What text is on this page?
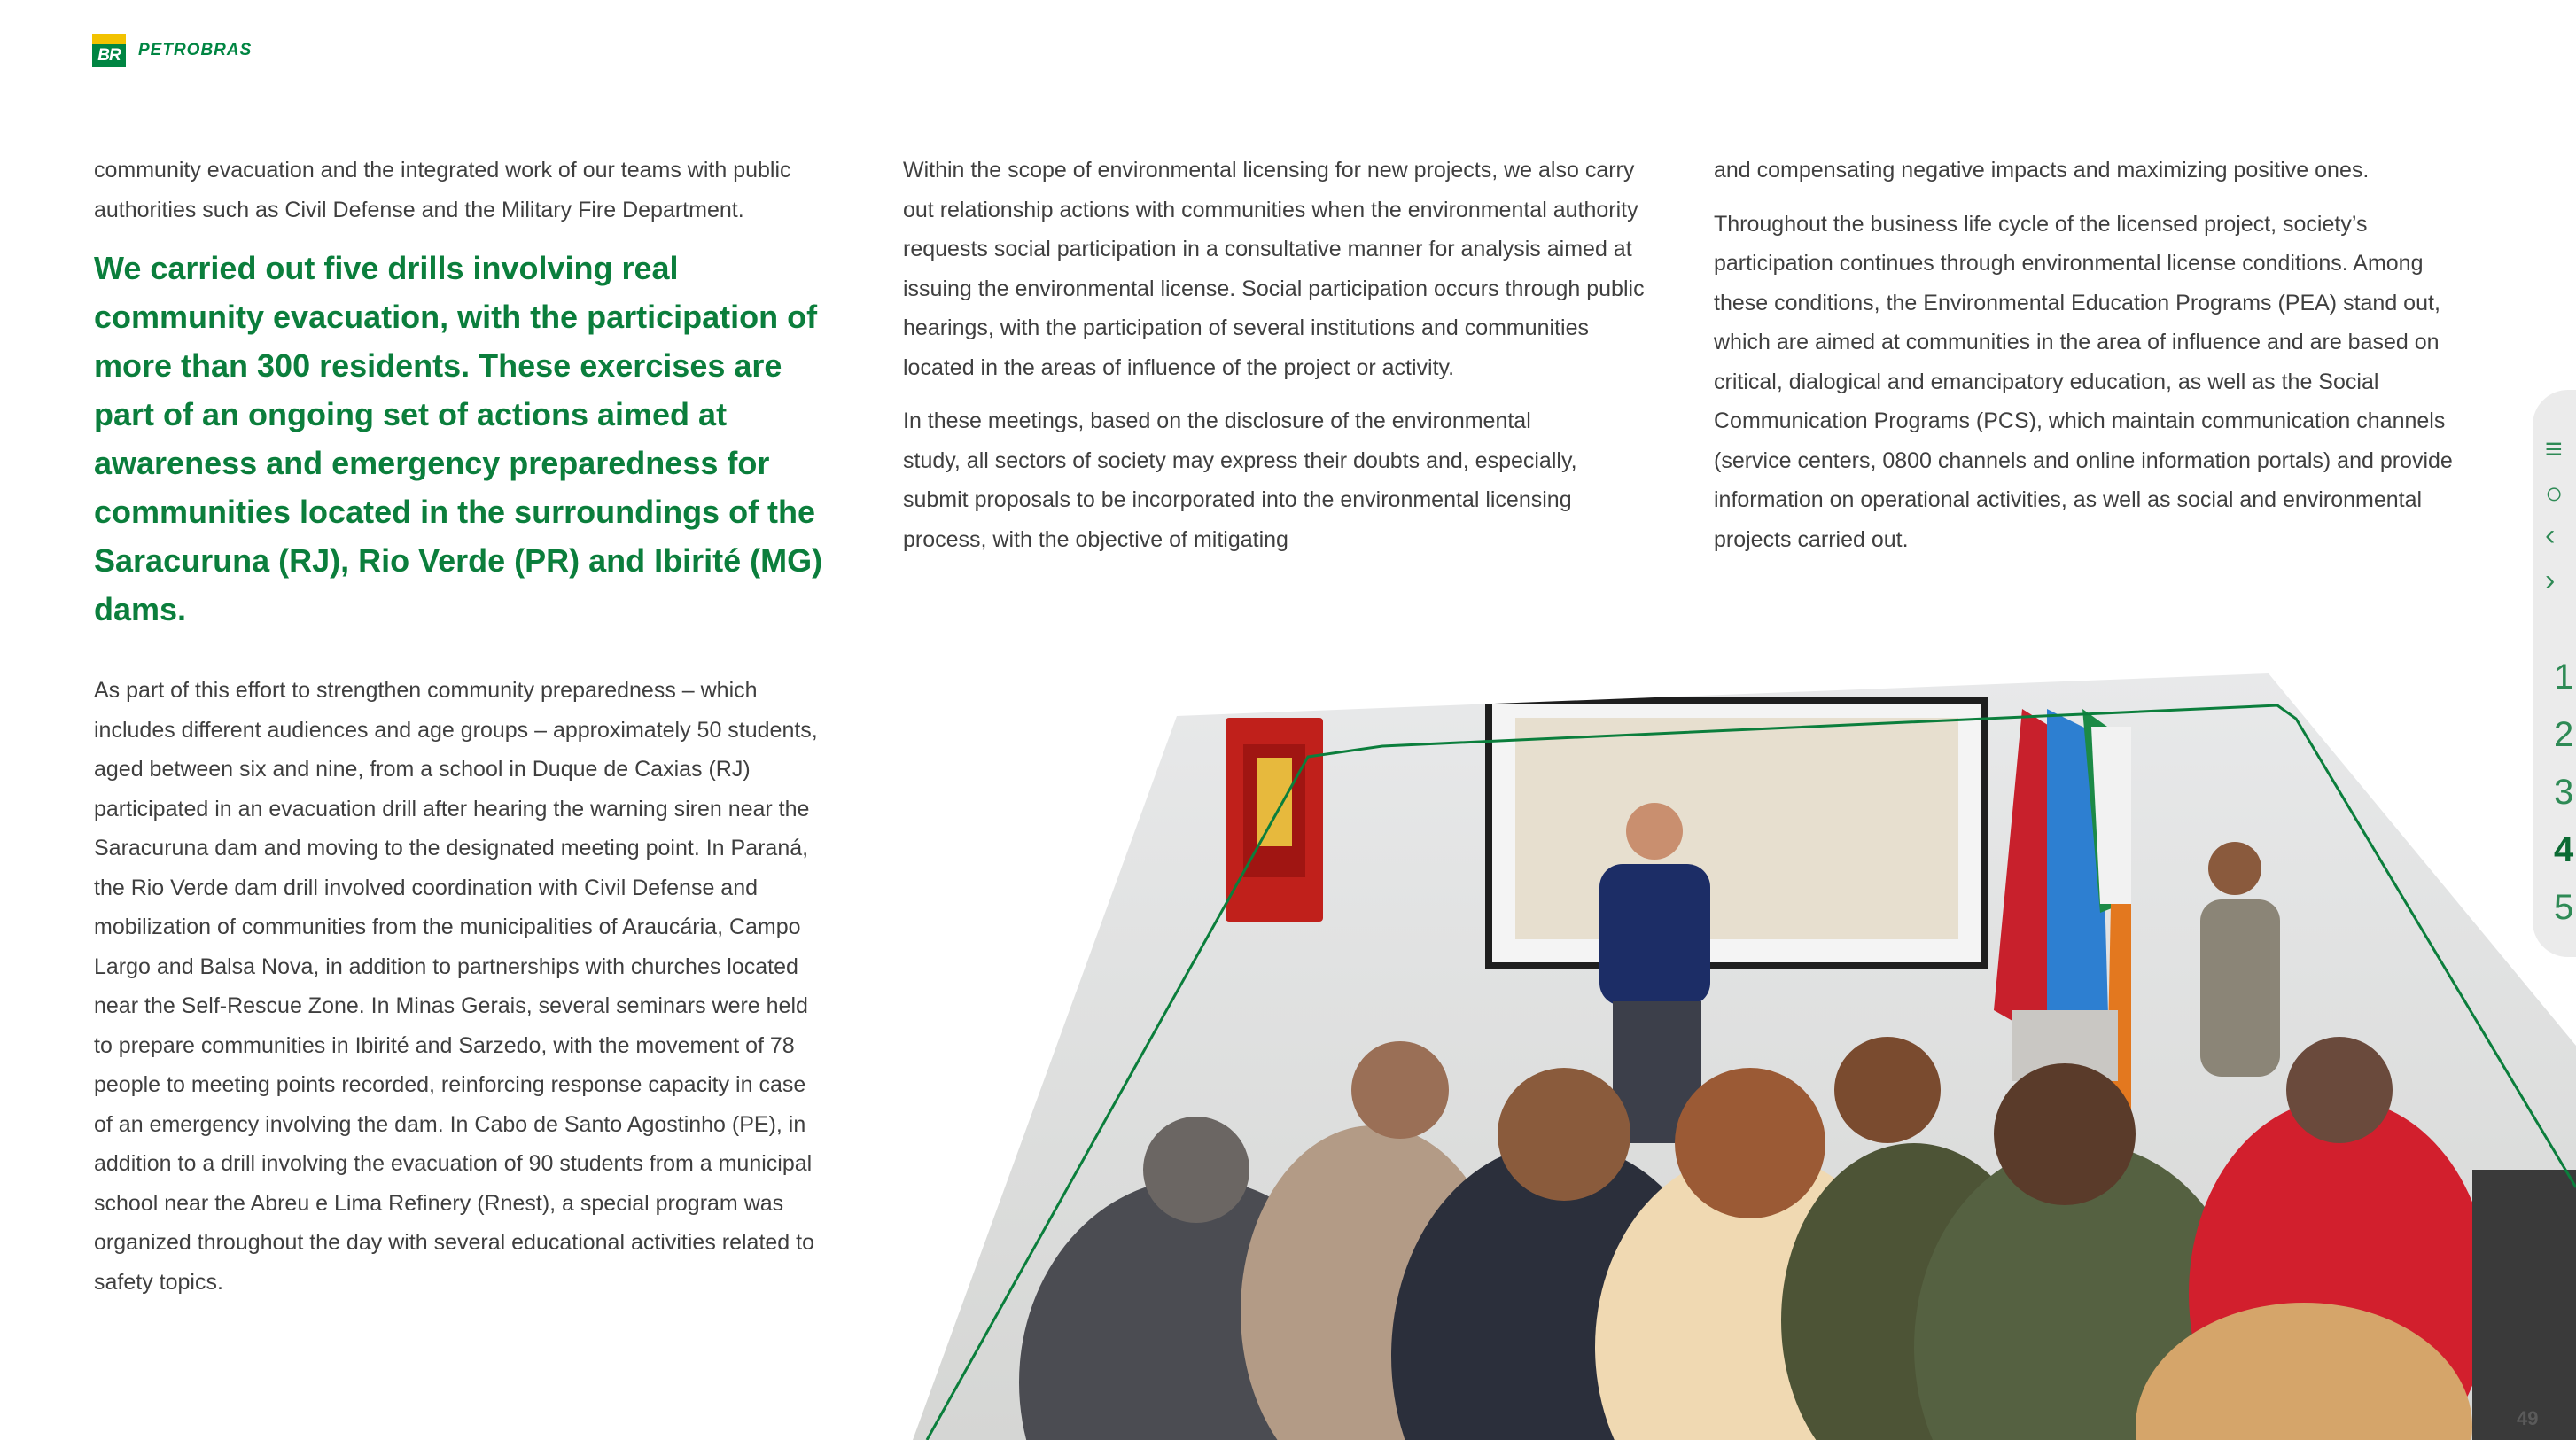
BR	PETROBRAS

community evacuation and the integrated work of our teams with public authorities such as Civil Defense and the Military Fire Department.

We carried out five drills involving real community evacuation, with the participation of more than 300 residents. These exercises are part of an ongoing set of actions aimed at awareness and emergency preparedness for communities located in the surroundings of the Saracuruna (RJ), Rio Verde (PR) and Ibirité (MG) dams.

As part of this effort to strengthen community preparedness – which includes different audiences and age groups – approximately 50 students, aged between six and nine, from a school in Duque de Caxias (RJ) participated in an evacuation drill after hearing the warning siren near the Saracuruna dam and moving to the designated meeting point. In Paraná, the Rio Verde dam drill involved coordination with Civil Defense and mobilization of communities from the municipalities of Araucária, Campo Largo and Balsa Nova, in addition to partnerships with churches located near the Self-Rescue Zone. In Minas Gerais, several seminars were held to prepare communities in Ibirité and Sarzedo, with the movement of 78 people to meeting points recorded, reinforcing response capacity in case of an emergency involving the dam. In Cabo de Santo Agostinho (PE), in addition to a drill involving the evacuation of 90 students from a municipal school near the Abreu e Lima Refinery (Rnest), a special program was organized throughout the day with several educational activities related to safety topics.

Within the scope of environmental licensing for new projects, we also carry out relationship actions with communities when the environmental authority requests social participation in a consultative manner for analysis aimed at issuing the environmental license. Social participation occurs through public hearings, with the participation of several institutions and communities located in the areas of influence of the project or activity.

In these meetings, based on the disclosure of the environmental study, all sectors of society may express their doubts and, especially, submit proposals to be incorporated into the environmental licensing process, with the objective of mitigating

and compensating negative impacts and maximizing positive ones.

Throughout the business life cycle of the licensed project, society’s participation continues through environmental license conditions. Among these conditions, the Environmental Education Programs (PEA) stand out, which are aimed at communities in the area of influence and are based on critical, dialogical and emancipatory education, as well as the Social Communication Programs (PCS), which maintain communication channels (service centers, 0800 channels and online information portals) and provide information on operational activities, as well as social and environmental projects carried out.

≡
○
‹
›
1
2
3
4
5
49
